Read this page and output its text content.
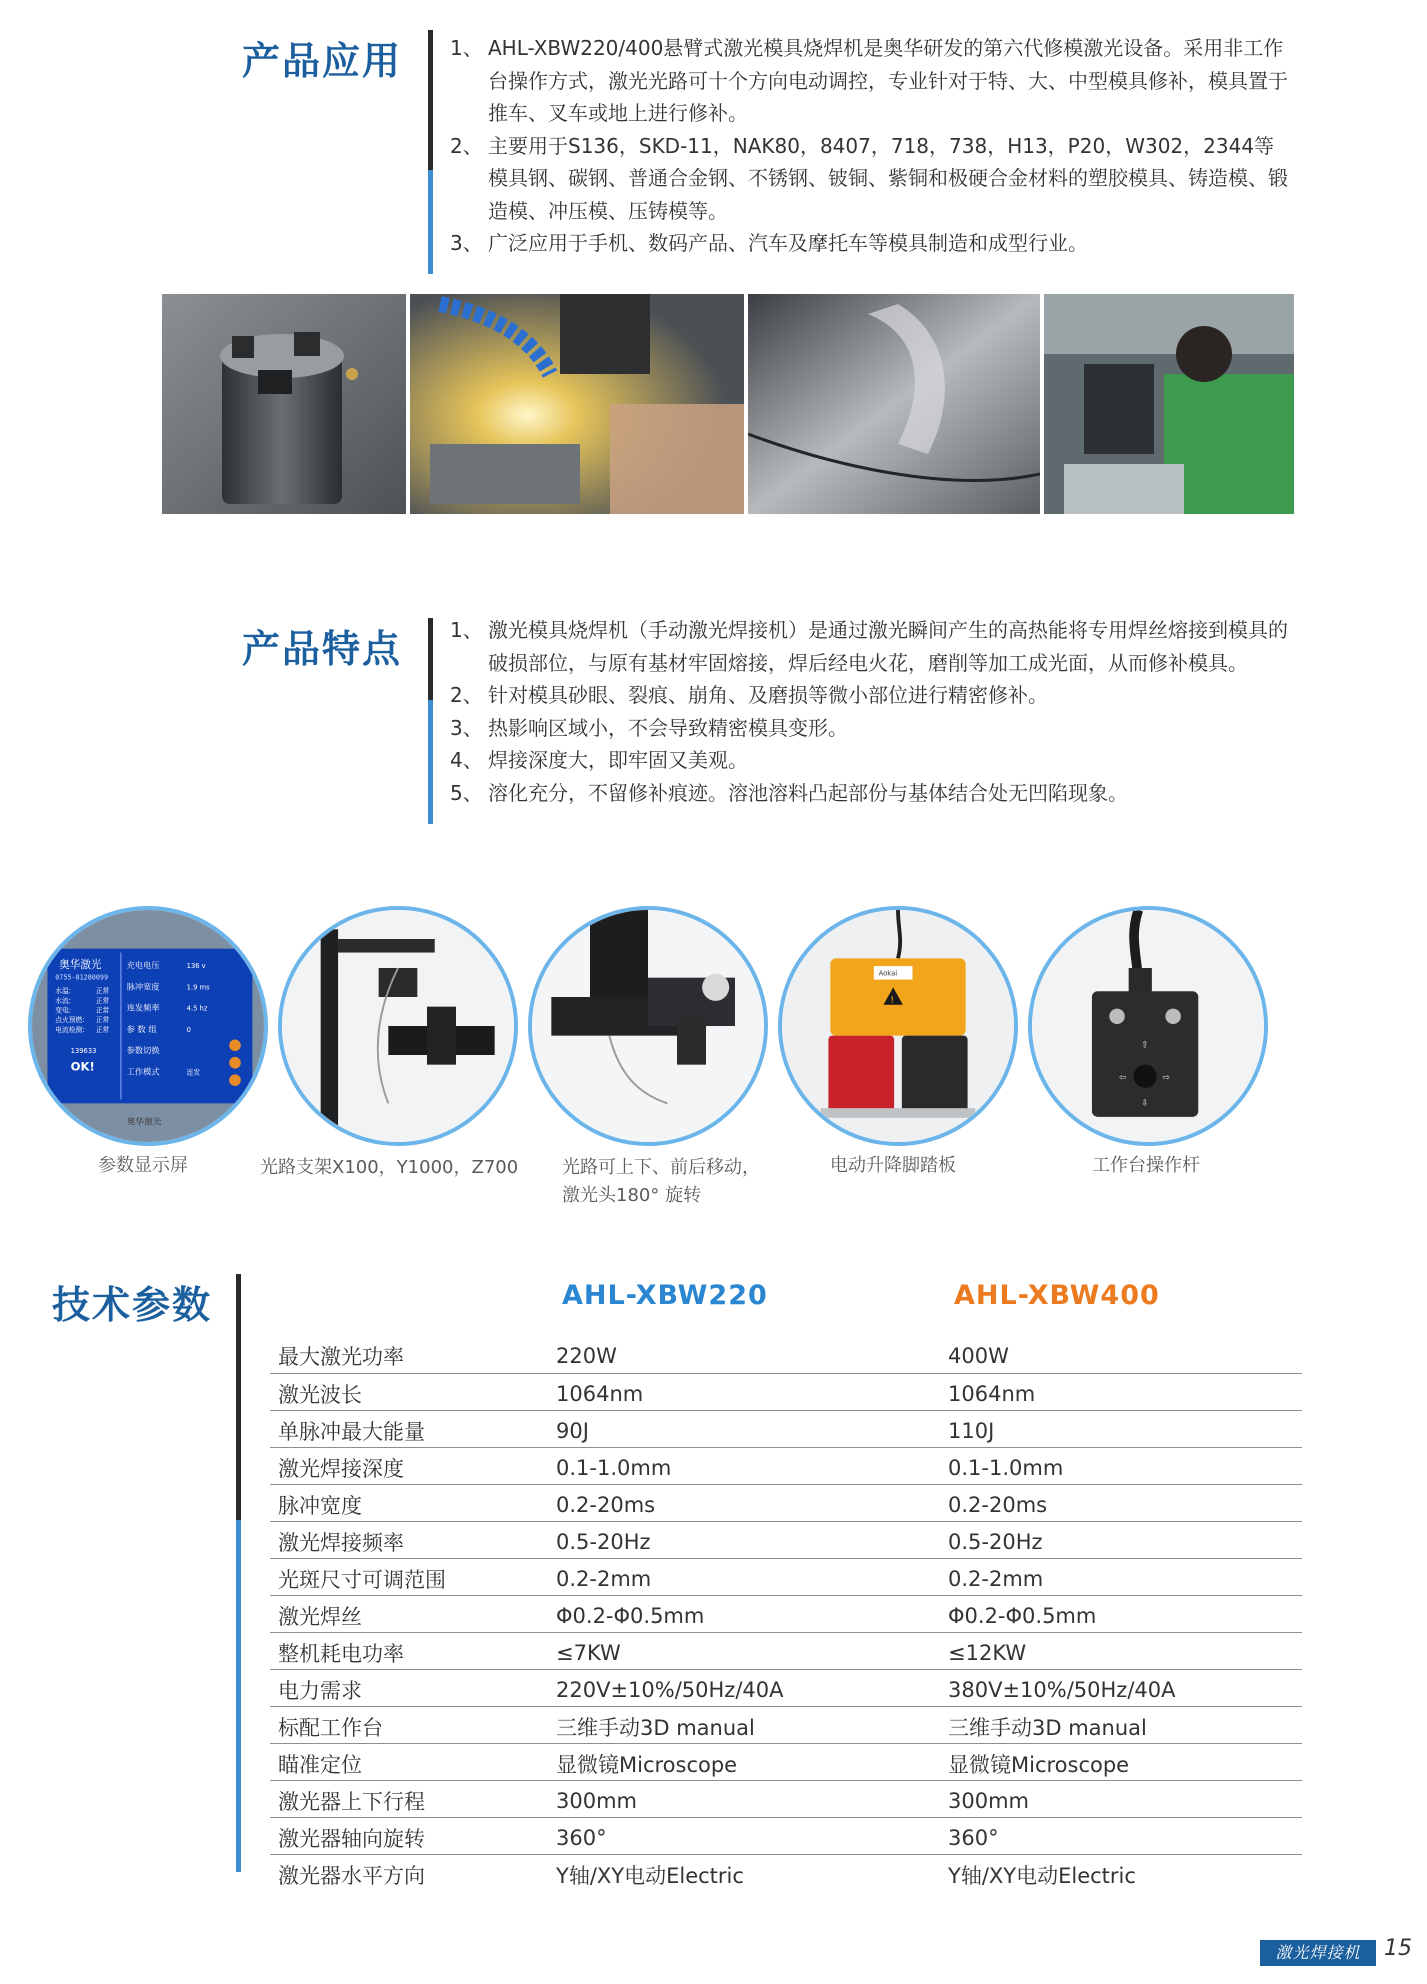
产品应用 1、 AHL-XBW220/400悬臂式激光模具烧焊机是奥华研发的第六代修模激光设备。采用非工作台操作方式，激光光路可十个方向电动调控，专业针对于特、大、中型模具修补，模具置于推车、叉车或地上进行修补。
2、 主要用于S136，SKD-11，NAK80，8407，718，738，H13，P20，W302，2344等模具钢、碳钢、普通合金钢、不锈钢、铍铜、紫铜和极硬合金材料的塑胶模具、铸造模、锻造模、冲压模、压铸模等。
3、 广泛应用于手机、数码产品、汽车及摩托车等模具制造和成型行业。
产品特点 1、 激光模具烧焊机（手动激光焊接机）是通过激光瞬间产生的高热能将专用焊丝熔接到模具的破损部位，与原有基材牢固熔接，焊后经电火花，磨削等加工成光面，从而修补模具。
2、 针对模具砂眼、裂痕、崩角、及磨损等微小部位进行精密修补。
3、 热影响区域小，不会导致精密模具变形。
4、 焊接深度大，即牢固又美观。
5、 溶化充分，不留修补痕迹。溶池溶料凸起部份与基体结合处无凹陷现象。
奥华激光
0755-81280099
水温:	正常
水流:	正常
变电:	正常
点火预燃: 正常
电流检测: 正常
139633
OK!
充电电压	136 v
脉冲宽度	1.9 ms
连发频率	4.5 hz
参 数 组	0
参数切换
工作模式	连发
奥华激光
Aokai
!
⇧
⇦	⇨
⇩
参数显示屏	光路支架X100，Y1000，Z700 光路可上下、前后移动，
激光头180° 旋转
电动升降脚踏板	工作台操作杆
技术参数	AHL-XBW220	AHL-XBW400
最大激光功率	220W	400W
激光波长	1064nm	1064nm
单脉冲最大能量	90J	110J
激光焊接深度	0.1-1.0mm	0.1-1.0mm
脉冲宽度	0.2-20ms	0.2-20ms
激光焊接频率	0.5-20Hz	0.5-20Hz
光斑尺寸可调范围	0.2-2mm	0.2-2mm
激光焊丝	Φ0.2-Φ0.5mm	Φ0.2-Φ0.5mm
整机耗电功率	≤7KW	≤12KW
电力需求	220V±10%/50Hz/40A	380V±10%/50Hz/40A
标配工作台	三维手动3D manual	三维手动3D manual
瞄准定位	显微镜Microscope	显微镜Microscope
激光器上下行程	300mm	300mm
激光器轴向旋转	360°	360°
激光器水平方向	Y轴/XY电动Electric	Y轴/XY电动Electric
激光焊接机	15
